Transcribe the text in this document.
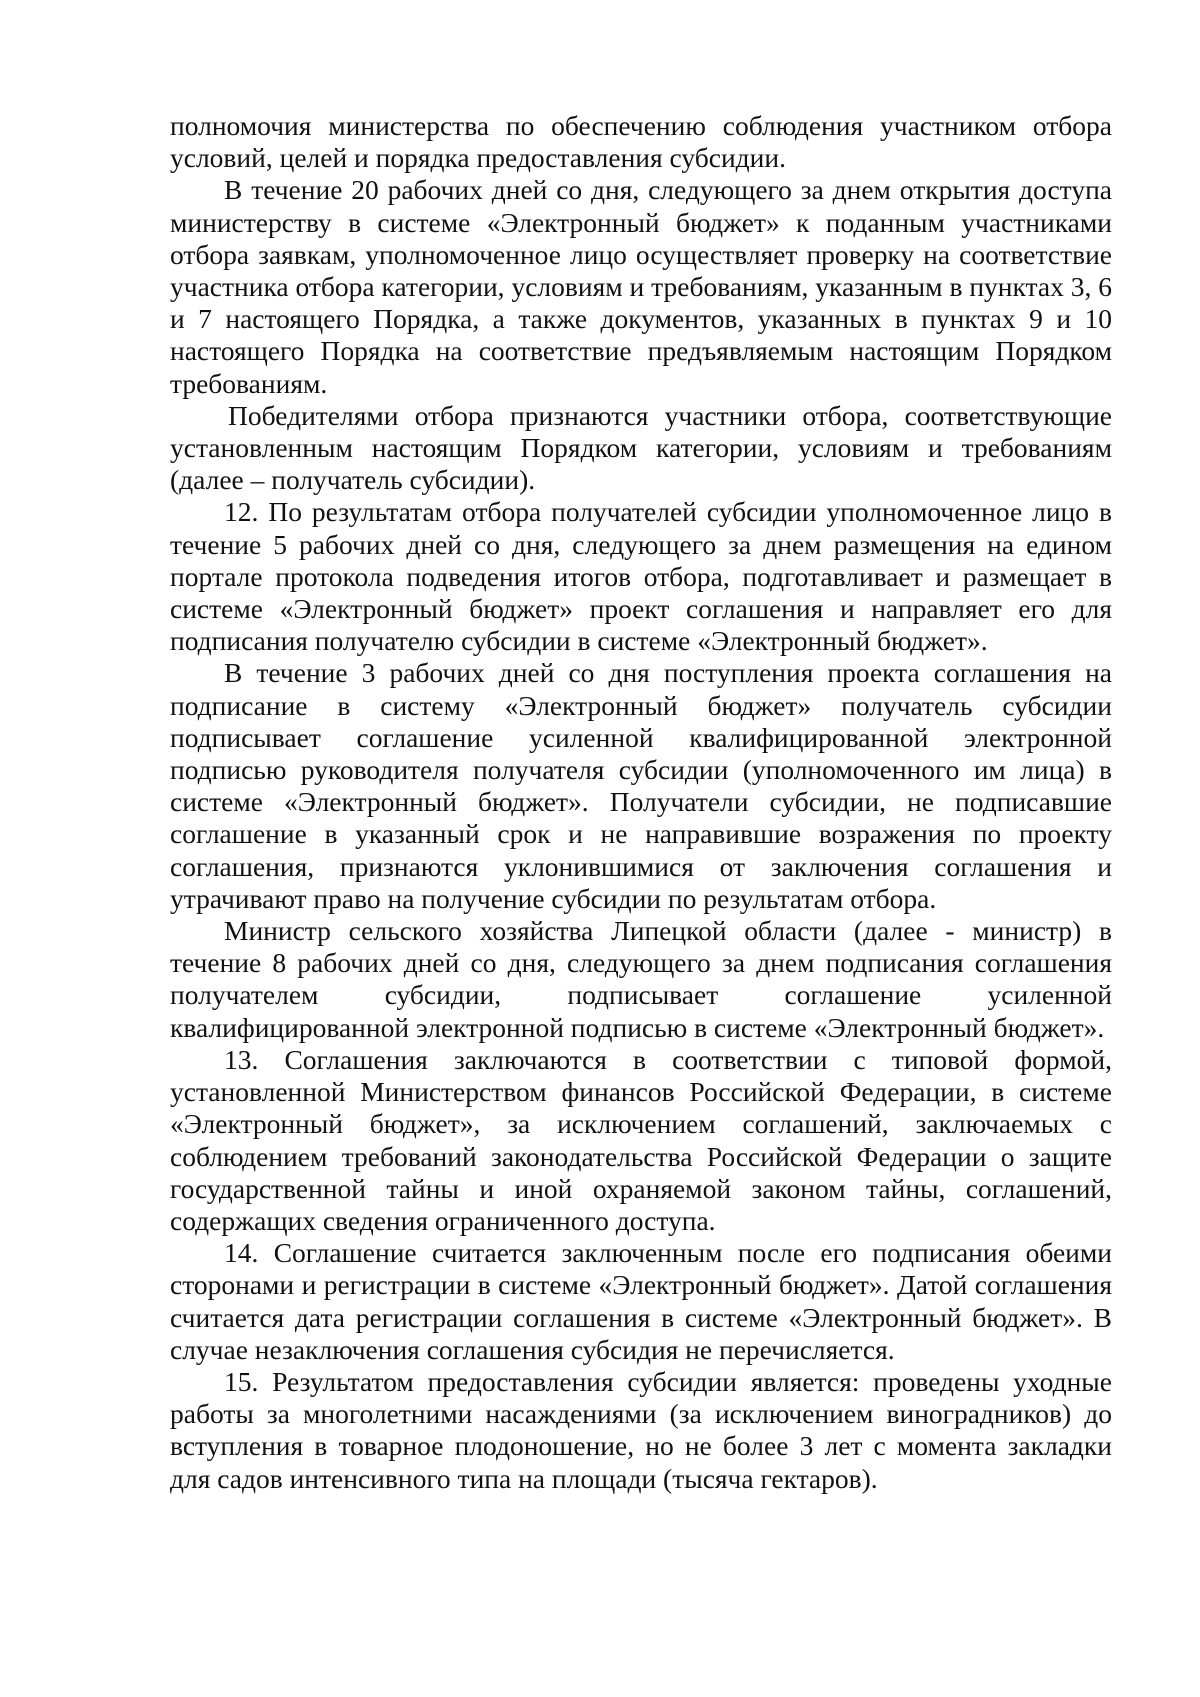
полномочия министерства по обеспечению соблюдения участником отбора условий, целей и порядка предоставления субсидии.

В течение 20 рабочих дней со дня, следующего за днем открытия доступа министерству в системе «Электронный бюджет» к поданным участниками отбора заявкам, уполномоченное лицо осуществляет проверку на соответствие участника отбора категории, условиям и требованиям, указанным в пунктах 3, 6 и 7 настоящего Порядка, а также документов, указанных в пунктах 9 и 10 настоящего Порядка на соответствие предъявляемым настоящим Порядком требованиям.

Победителями отбора признаются участники отбора, соответствующие установленным настоящим Порядком категории, условиям и требованиям (далее – получатель субсидии).

12. По результатам отбора получателей субсидии уполномоченное лицо в течение 5 рабочих дней со дня, следующего за днем размещения на едином портале протокола подведения итогов отбора, подготавливает и размещает в системе «Электронный бюджет» проект соглашения и направляет его для подписания получателю субсидии в системе «Электронный бюджет».

В течение 3 рабочих дней со дня поступления проекта соглашения на подписание в систему «Электронный бюджет» получатель субсидии подписывает соглашение усиленной квалифицированной электронной подписью руководителя получателя субсидии (уполномоченного им лица) в системе «Электронный бюджет». Получатели субсидии, не подписавшие соглашение в указанный срок и не направившие возражения по проекту соглашения, признаются уклонившимися от заключения соглашения и утрачивают право на получение субсидии по результатам отбора.

Министр сельского хозяйства Липецкой области (далее - министр) в течение 8 рабочих дней со дня, следующего за днем подписания соглашения получателем субсидии, подписывает соглашение усиленной квалифицированной электронной подписью в системе «Электронный бюджет».

13. Соглашения заключаются в соответствии с типовой формой, установленной Министерством финансов Российской Федерации, в системе «Электронный бюджет», за исключением соглашений, заключаемых с соблюдением требований законодательства Российской Федерации о защите государственной тайны и иной охраняемой законом тайны, соглашений, содержащих сведения ограниченного доступа.

14. Соглашение считается заключенным после его подписания обеими сторонами и регистрации в системе «Электронный бюджет». Датой соглашения считается дата регистрации соглашения в системе «Электронный бюджет». В случае незаключения соглашения субсидия не перечисляется.

15. Результатом предоставления субсидии является: проведены уходные работы за многолетними насаждениями (за исключением виноградников) до вступления в товарное плодоношение, но не более 3 лет с момента закладки для садов интенсивного типа на площади (тысяча гектаров).
